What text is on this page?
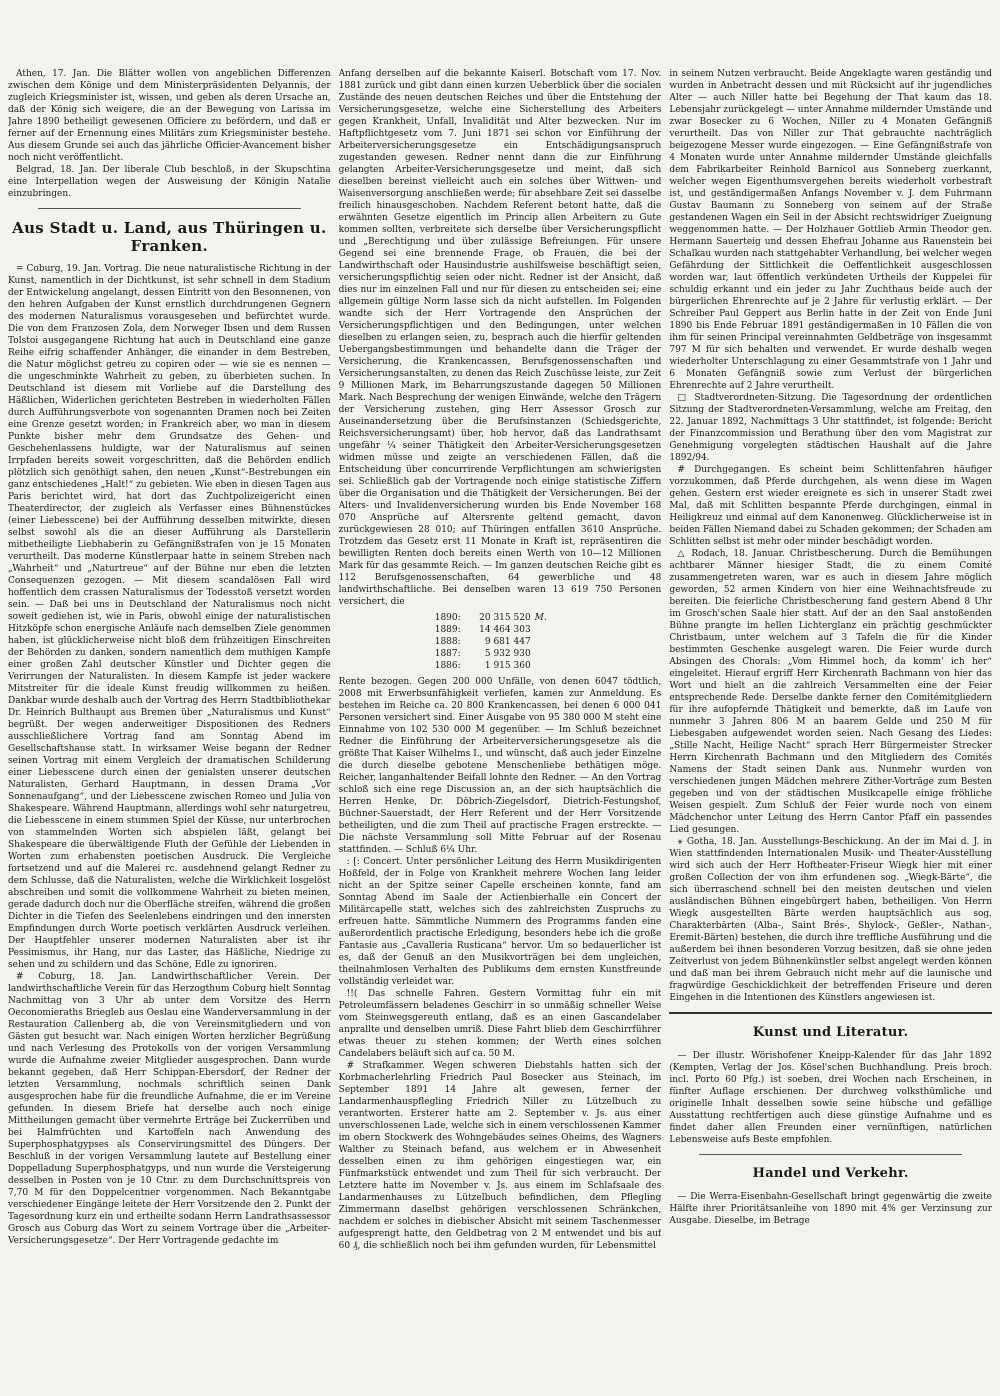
Athen, 17. Jan. Die Blätter wollen von angeblichen Differenzen zwischen dem Könige und dem Ministerpräsidenten Delyannis, der zugleich Kriegsminister ist, wissen, und geben als deren Ursache an, daß der König sich weigere, die an der Bewegung von Larissa im Jahre 1890 betheiligt gewesenen Officiere zu befördern, und daß er ferner auf der Ernennung eines Militärs zum Kriegsminister bestehe. Aus diesem Grunde sei auch das jährliche Officier-Avancement bisher noch nicht veröffentlicht.

Belgrad, 18. Jan. Der liberale Club beschloß, in der Skupschtina eine Interpellation wegen der Ausweisung der Königin Natalie einzubringen.

Aus Stadt u. Land, aus Thüringen u. Franken.

= Coburg, 19. Jan. Vortrag. Die neue naturalistische Richtung in der Kunst, namentlich in der Dichtkunst, ist sehr schnell in dem Stadium der Entwickelung angelangt, dessen Eintritt von den Besonnenen, von den hehren Aufgaben der Kunst ernstlich durchdrungenen Gegnern des modernen Naturalismus vorausgesehen und befürchtet wurde. Die von dem Franzosen Zola, dem Norweger Ibsen und dem Russen Tolstoi ausgegangene Richtung hat auch in Deutschland eine ganze Reihe eifrig schaffender Anhänger, die einander in dem Bestreben, die Natur möglichst getreu zu copiren oder — wie sie es nennen — die ungeschminkte Wahrheit zu geben, zu überbieten suchen. In Deutschland ist diesem mit Vorliebe auf die Darstellung des Häßlichen, Widerlichen gerichteten Bestreben in wiederholten Fällen durch Aufführungsverbote von sogenannten Dramen noch bei Zeiten eine Grenze gesetzt worden; in Frankreich aber, wo man in diesem Punkte bisher mehr dem Grundsatze des Gehen- und Geschehenlassens huldigte, war der Naturalismus auf seinen Irrpfaden bereits soweit vorgeschritten, daß die Behörden endlich plötzlich sich genöthigt sahen, den neuen „Kunst“-Bestrebungen ein ganz entschiedenes „Halt!“ zu gebieten. Wie eben in diesen Tagen aus Paris berichtet wird, hat dort das Zuchtpolizeigericht einen Theaterdirector, der zugleich als Verfasser eines Bühnenstückes (einer Liebesscene) bei der Aufführung desselben mitwirkte, diesen selbst sowohl als die an dieser Aufführung als Darstellerin mitbetheiligte Liebhaberin zu Gefängnißstrafen von je 15 Monaten verurtheilt. Das moderne Künstlerpaar hatte in seinem Streben nach „Wahrheit“ und „Naturtreue“ auf der Bühne nur eben die letzten Consequenzen gezogen. — Mit diesem scandalösen Fall wird hoffentlich dem crassen Naturalismus der Todesstoß versetzt worden sein. — Daß bei uns in Deutschland der Naturalismus noch nicht soweit gediehen ist, wie in Paris, obwohl einige der naturalistischen Hitzköpfe schon energische Anläufe nach demselben Ziele genommen haben, ist glücklicherweise nicht bloß dem frühzeitigen Einschreiten der Behörden zu danken, sondern namentlich dem muthigen Kampfe einer großen Zahl deutscher Künstler und Dichter gegen die Verirrungen der Naturalisten. In diesem Kampfe ist jeder wackere Mitstreiter für die ideale Kunst freudig willkommen zu heißen. Dankbar wurde deshalb auch der Vortrag des Herrn Stadtbibliothekar Dr. Heinrich Bulthaupt aus Bremen über „Naturalismus und Kunst“ begrüßt. Der wegen anderweitiger Dispositionen des Redners ausschließlichere Vortrag fand am Sonntag Abend im Gesellschaftshause statt. In wirksamer Weise begann der Redner seinen Vortrag mit einem Vergleich der dramatischen Schilderung einer Liebesscene durch einen der genialsten unserer deutschen Naturalisten, Gerhard Hauptmann, in dessen Drama „Vor Sonnenaufgang“, und der Liebesscene zwischen Romeo und Julia von Shakespeare. Während Hauptmann, allerdings wohl sehr naturgetreu, die Liebesscene in einem stummen Spiel der Küsse, nur unterbrochen von stammelnden Worten sich abspielen läßt, gelangt bei Shakespeare die überwältigende Fluth der Gefühle der Liebenden in Worten zum erhabensten poetischen Ausdruck. Die Vergleiche fortsetzend und auf die Malerei rc. ausdehnend gelangt Redner zu dem Schlusse, daß die Naturalisten, welche die Wirklichkeit losgelöst abschreiben und somit die vollkommene Wahrheit zu bieten meinen, gerade dadurch doch nur die Oberfläche streifen, während die großen Dichter in die Tiefen des Seelenlebens eindringen und den innersten Empfindungen durch Worte poetisch verklärten Ausdruck verleihen. Der Hauptfehler unserer modernen Naturalisten aber ist ihr Pessimismus, ihr Hang, nur das Laster, das Häßliche, Niedrige zu sehen und zu schildern und das Schöne, Edle zu ignoriren.

# Coburg, 18. Jan. Landwirthschaftlicher Verein. Der landwirthschaftliche Verein für das Herzogthum Coburg hielt Sonntag Nachmittag von 3 Uhr ab unter dem Vorsitze des Herrn Oeconomieraths Briegleb aus Oeslau eine Wanderversammlung in der Restauration Callenberg ab, die von Vereinsmitgliedern und von Gästen gut besucht war. Nach einigen Worten herzlicher Begrüßung und nach Verlesung des Protokolls von der vorigen Versammlung wurde die Aufnahme zweier Mitglieder ausgesprochen. Dann wurde bekannt gegeben, daß Herr Schippan-Ebersdorf, der Redner der letzten Versammlung, nochmals schriftlich seinen Dank ausgesprochen habe für die freundliche Aufnahme, die er im Vereine gefunden. In diesem Briefe hat derselbe auch noch einige Mittheilungen gemacht über vermehrte Erträge bei Zuckerrüben und bei Halmfrüchten und Kartoffeln nach Anwendung des Superphosphatgypses als Conservirungsmittel des Düngers. Der Beschluß in der vorigen Versammlung lautete auf Bestellung einer Doppelladung Superphosphatgyps, und nun wurde die Versteigerung desselben in Posten von je 10 Ctnr. zu dem Durchschnittspreis von 7,70 M für den Doppelcentner vorgenommen. Nach Bekanntgabe verschiedener Eingänge leitete der Herr Vorsitzende den 2. Punkt der Tagesordnung kurz ein und ertheilte sodann Herrn Landrathsassessor Grosch aus Coburg das Wort zu seinem Vortrage über die „Arbeiter-Versicherungsgesetze“. Der Herr Vortragende gedachte im

Anfang derselben auf die bekannte Kaiserl. Botschaft vom 17. Nov. 1881 zurück und gibt dann einen kurzen Ueberblick über die socialen Zustände des neuen deutschen Reiches und über die Entstehung der Versicherungsgesetze, welche eine Sicherstellung des Arbeiters gegen Krankheit, Unfall, Invalidität und Alter bezwecken. Nur im Haftpflichtgesetz vom 7. Juni 1871 sei schon vor Einführung der Arbeiterversicherungsgesetze ein Entschädigungsanspruch zugestanden gewesen. Redner nennt dann die zur Einführung gelangten Arbeiter-Versicherungsgesetze und meint, daß sich dieselben bereinst vielleicht auch ein solches über Wittwen- und Waisenversorgung anschließen werde; für absehbare Zeit sei dasselbe freilich hinausgeschoben. Nachdem Referent betont hatte, daß die erwähnten Gesetze eigentlich im Princip allen Arbeitern zu Gute kommen sollten, verbreitete sich derselbe über Versicherungspflicht und „Berechtigung und über zulässige Befreiungen. Für unsere Gegend sei eine brennende Frage, ob Frauen, die bei der Landwirthschaft oder Hausindustrie aushilfsweise beschäftigt seien, versicherungspflichtig seien oder nicht. Redner ist der Ansicht, daß dies nur im einzelnen Fall und nur für diesen zu entscheiden sei; eine allgemein gültige Norm lasse sich da nicht aufstellen. Im Folgenden wandte sich der Herr Vortragende den Ansprüchen der Versicherungspflichtigen und den Bedingungen, unter welchen dieselben zu erlangen seien, zu, besprach auch die hierfür geltenden Uebergangsbestimmungen und behandelte dann die Träger der Versicherung, die Krankencassen, Berufsgenossenschaften und Versicherungsanstalten, zu denen das Reich Zuschüsse leiste, zur Zeit 9 Millionen Mark, im Beharrungszustande dagegen 50 Millionen Mark. Nach Besprechung der wenigen Einwände, welche den Trägern der Versicherung zustehen, ging Herr Assessor Grosch zur Auseinandersetzung über die Berufsinstanzen (Schiedsgerichte, Reichsversicherungsamt) über, hob hervor, daß das Landrathsamt ungefähr ¼ seiner Thätigkeit den Arbeiter-Versicherungsgesetzen widmen müsse und zeigte an verschiedenen Fällen, daß die Entscheidung über concurrirende Verpflichtungen am schwierigsten sei. Schließlich gab der Vortragende noch einige statistische Ziffern über die Organisation und die Thätigkeit der Versicherungen. Bei der Alters- und Invalidenversicherung wurden bis Ende November 168 070 Ansprüche auf Altersrente geltend gemacht, davon zurückgewiesen 28 010; auf Thüringen entfallen 3610 Ansprüche. Trotzdem das Gesetz erst 11 Monate in Kraft ist, repräsentiren die bewilligten Renten doch bereits einen Werth von 10—12 Millionen Mark für das gesammte Reich. — Im ganzen deutschen Reiche gibt es 112 Berufsgenossenschaften, 64 gewerbliche und 48 landwirthschaftliche. Bei denselben waren 13 619 750 Personen versichert, die

1890:	20 315 520 M.
1889:	14 464 303
1888:	9 681 447
1887:	5 932 930
1886:	1 915 360

Rente bezogen. Gegen 200 000 Unfälle, von denen 6047 tödtlich, 2008 mit Erwerbsunfähigkeit verliefen, kamen zur Anmeldung. Es bestehen im Reiche ca. 20 800 Krankencassen, bei denen 6 000 041 Personen versichert sind. Einer Ausgabe von 95 380 000 M steht eine Einnahme von 102 530 000 M gegenüber. — Im Schluß bezeichnet Redner die Einführung der Arbeiterversicherungsgesetze als die größte That Kaiser Wilhelms I., und wünscht, daß auch jeder Einzelne die durch dieselbe gebotene Menschenliebe bethätigen möge. Reicher, langanhaltender Beifall lohnte den Redner. — An den Vortrag schloß sich eine rege Discussion an, an der sich hauptsächlich die Herren Henke, Dr. Döbrich-Ziegelsdorf, Dietrich-Festungshof, Büchner-Sauerstadt, der Herr Referent und der Herr Vorsitzende betheiligten, und die zum Theil auf practische Fragen erstreckte. — Die nächste Versammlung soll Mitte Februar auf der Rosenau stattfinden. — Schluß 6¼ Uhr.

: [: Concert. Unter persönlicher Leitung des Herrn Musikdirigenten Hoßfeld, der in Folge von Krankheit mehrere Wochen lang leider nicht an der Spitze seiner Capelle erscheinen konnte, fand am Sonntag Abend im Saale der Actienbierhalle ein Concert der Militärcapelle statt, welches sich des zahlreichsten Zuspruchs zu erfreuen hatte. Sämmtliche Nummern des Programms fanden eine außerordentlich practische Erledigung, besonders hebe ich die große Fantasie aus „Cavalleria Rusticana“ hervor. Um so bedauerlicher ist es, daß der Genuß an den Musikvorträgen bei dem ungleichen, theilnahmlosen Verhalten des Publikums dem ernsten Kunstfreunde vollständig verleidet war.

!!( Das schnelle Fahren. Gestern Vormittag fuhr ein mit Petroleumfässern beladenes Geschirr in so unmäßig schneller Weise vom Steinwegsgereuth entlang, daß es an einen Gascandelaber anprallte und denselben umriß. Diese Fahrt blieb dem Geschirrführer etwas theuer zu stehen kommen; der Werth eines solchen Candelabers beläuft sich auf ca. 50 M.

# Strafkammer. Wegen schweren Diebstahls hatten sich der Korbmacherlehrling Friedrich Paul Bosecker aus Steinach, im September 1891 14 Jahre alt gewesen, ferner der Landarmenhauspflegling Friedrich Niller zu Lützelbuch zu verantworten. Ersterer hatte am 2. September v. Js. aus einer unverschlossenen Lade, welche sich in einem verschlossenen Kammer im obern Stockwerk des Wohngebäudes seines Oheims, des Wagners Walther zu Steinach befand, aus welchem er in Abwesenheit desselben einen zu ihm gehörigen eingestiegen war, ein Fünfmarkstück entwendet und zum Theil für sich verbraucht. Der Letztere hatte im November v. Js. aus einem im Schlafsaale des Landarmenhauses zu Lützelbuch befindlichen, dem Pflegling Zimmermann daselbst gehörigen verschlossenen Schränkchen, nachdem er solches in diebischer Absicht mit seinem Taschenmesser aufgesprengt hatte, den Geldbetrag von 2 M entwendet und bis auf 60 ₰, die schließlich noch bei ihm gefunden wurden, für Lebensmittel

in seinem Nutzen verbraucht. Beide Angeklagte waren geständig und wurden in Anbetracht dessen und mit Rücksicht auf ihr jugendliches Alter — auch Niller hatte bei Begehung der That kaum das 18. Lebensjahr zurückgelegt — unter Annahme mildernder Umstände und zwar Bosecker zu 6 Wochen, Niller zu 4 Monaten Gefängniß verurtheilt. Das von Niller zur That gebrauchte nachträglich beigezogene Messer wurde eingezogen. — Eine Gefängnißstrafe von 4 Monaten wurde unter Annahme mildernder Umstände gleichfalls dem Fabrikarbeiter Reinhold Barnicol aus Sonneberg zuerkannt, welcher wegen Eigenthumsvergehen bereits wiederholt vorbestraft ist, und geständigermaßen Anfangs November v. J. dem Fuhrmann Gustav Baumann zu Sonneberg von seinem auf der Straße gestandenen Wagen ein Seil in der Absicht rechtswidriger Zueignung weggenommen hatte. — Der Holzhauer Gottlieb Armin Theodor gen. Hermann Sauerteig und dessen Ehefrau Johanne aus Rauenstein bei Schalkau wurden nach stattgehabter Verhandlung, bei welcher wegen Gefährdung der Sittlichkeit die Oeffentlichkeit ausgeschlossen worden war, laut öffentlich verkündeten Urtheils der Kuppelei für schuldig erkannt und ein jeder zu Jahr Zuchthaus beide auch der bürgerlichen Ehrenrechte auf je 2 Jahre für verlustig erklärt. — Der Schreiber Paul Geppert aus Berlin hatte in der Zeit von Ende Juni 1890 bis Ende Februar 1891 geständigermaßen in 10 Fällen die von ihm für seinen Principal vereinnahmten Geldbeträge von insgesammt 797 M für sich behalten und verwendet. Er wurde deshalb wegen wiederholter Unterschlagung zu einer Gesammtstrafe von 1 Jahr und 6 Monaten Gefängniß sowie zum Verlust der bürgerlichen Ehrenrechte auf 2 Jahre verurtheilt.

□ Stadtverordneten-Sitzung. Die Tagesordnung der ordentlichen Sitzung der Stadtverordneten-Versammlung, welche am Freitag, den 22. Januar 1892, Nachmittags 3 Uhr stattfindet, ist folgende: Bericht der Finanzcommission und Berathung über den vom Magistrat zur Genehmigung vorgelegten städtischen Haushalt auf die Jahre 1892/94.

# Durchgegangen. Es scheint beim Schlittenfahren häufiger vorzukommen, daß Pferde durchgehen, als wenn diese im Wagen gehen. Gestern erst wieder ereignete es sich in unserer Stadt zwei Mal, daß mit Schlitten bespannte Pferde durchgingen, einmal in Heiligkreuz und einmal auf dem Kanonenweg. Glücklicherweise ist in beiden Fällen Niemand dabei zu Schaden gekommen; der Schaden am Schlitten selbst ist mehr oder minder beschädigt worden.

△ Rodach, 18. Januar. Christbescherung. Durch die Bemühungen achtbarer Männer hiesiger Stadt, die zu einem Comité zusammengetreten waren, war es auch in diesem Jahre möglich geworden, 52 armen Kindern von hier eine Weihnachtsfreude zu bereiten. Die feierliche Christbescherung fand gestern Abend 8 Uhr im Grosch'schen Saale hier statt. Auf der an den Saal anstoßenden Bühne prangte im hellen Lichterglanz ein prächtig geschmückter Christbaum, unter welchem auf 3 Tafeln die für die Kinder bestimmten Geschenke ausgelegt waren. Die Feier wurde durch Absingen des Chorals: „Vom Himmel hoch, da komm' ich her“ eingeleitet. Hierauf ergriff Herr Kirchenrath Bachmann von hier das Wort und hielt an die zahlreich Versammelten eine der Feier entsprechende Rede. Derselbe dankte ferner den Comitémitgliedern für ihre aufopfernde Thätigkeit und bemerkte, daß im Laufe von nunmehr 3 Jahren 806 M an baarem Gelde und 250 M für Liebesgaben aufgewendet worden seien. Nach Gesang des Liedes: „Stille Nacht, Heilige Nacht“ sprach Herr Bürgermeister Strecker Herrn Kirchenrath Bachmann und den Mitgliedern des Comités Namens der Stadt seinen Dank aus. Nunmehr wurden von verschiedenen jungen Mädchen mehrere Zither-Vorträge zum Besten gegeben und von der städtischen Musikcapelle einige fröhliche Weisen gespielt. Zum Schluß der Feier wurde noch von einem Mädchenchor unter Leitung des Herrn Cantor Pfaff ein passendes Lied gesungen.

⚹ Gotha, 18. Jan. Ausstellungs-Beschickung. An der im Mai d. J. in Wien stattfindenden Internationalen Musik- und Theater-Ausstellung wird sich auch der Herr Hoftheater-Friseur Wiegk hier mit einer großen Collection der von ihm erfundenen sog. „Wiegk-Bärte“, die sich überraschend schnell bei den meisten deutschen und vielen ausländischen Bühnen eingebürgert haben, betheiligen. Von Herrn Wiegk ausgestellten Bärte werden hauptsächlich aus sog. Charakterbärten (Alba-, Saint Brés-, Shylock-, Geßler-, Nathan-, Eremit-Bärten) bestehen, die durch ihre treffliche Ausführung und die außerdem bei ihnen besonderen Vorzug besitzen, daß sie ohne jeden Zeitverlust von jedem Bühnenkünstler selbst angelegt werden können und daß man bei ihrem Gebrauch nicht mehr auf die launische und fragwürdige Geschicklichkeit der betreffenden Friseure und deren Eingehen in die Intentionen des Künstlers angewiesen ist.

Kunst und Literatur.

— Der illustr. Wörishofener Kneipp-Kalender für das Jahr 1892 (Kempten, Verlag der Jos. Kösel'schen Buchhandlung. Preis broch. incl. Porto 60 Pfg.) ist soeben, drei Wochen nach Erscheinen, in fünfter Auflage erschienen. Der durchweg volksthümliche und originelle Inhalt desselben sowie seine hübsche und gefällige Ausstattung rechtfertigen auch diese günstige Aufnahme und es findet daher allen Freunden einer vernünftigen, natürlichen Lebensweise aufs Beste empfohlen.

Handel und Verkehr.

— Die Werra-Eisenbahn-Gesellschaft bringt gegenwärtig die zweite Hälfte ihrer Prioritätsanleihe von 1890 mit 4% ger Verzinsung zur Ausgabe. Dieselbe, im Betrage
